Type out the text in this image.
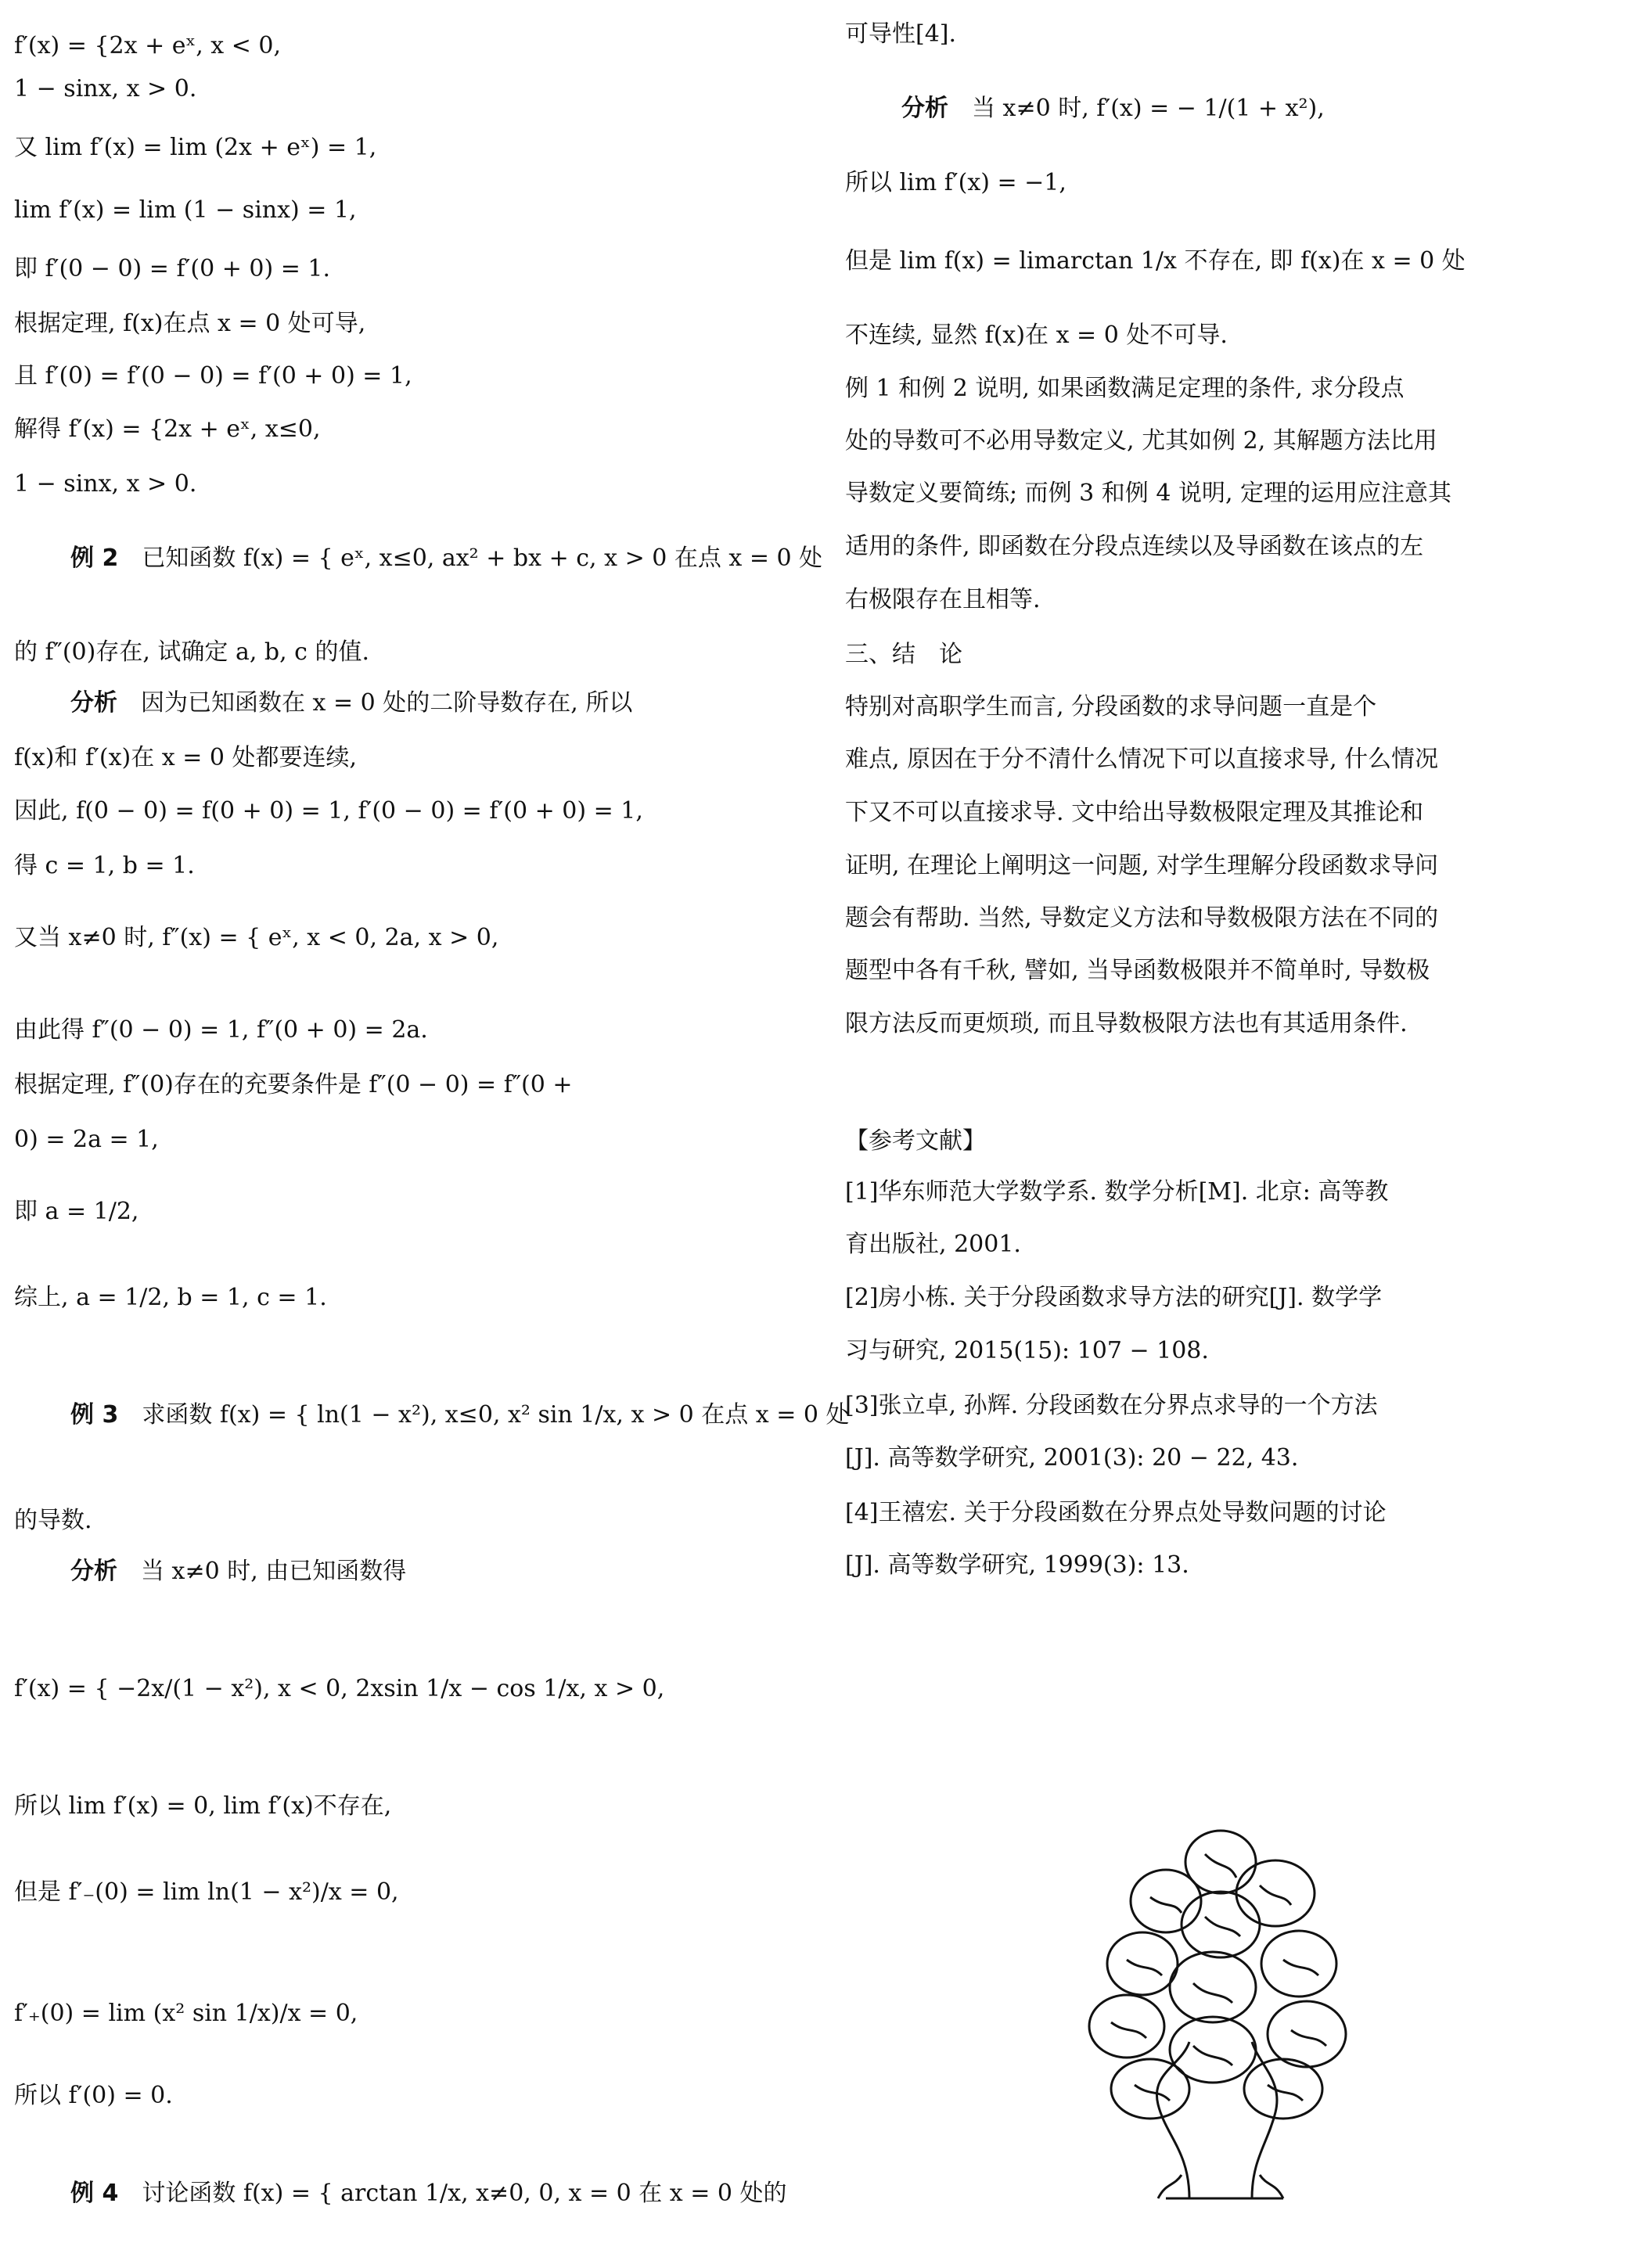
f′(x) = {2x + eˣ, x < 0,
1 − sinx, x > 0.
又 lim f′(x) = lim (2x + eˣ) = 1,
lim f′(x) = lim (1 − sinx) = 1,
即 f′(0 − 0) = f′(0 + 0) = 1.
根据定理, f(x)在点 x = 0 处可导,
且 f′(0) = f′(0 − 0) = f′(0 + 0) = 1,
解得 f′(x) = {2x + eˣ, x≤0,
1 − sinx, x > 0.
例 2　已知函数 f(x) = { eˣ, x≤0, ax² + bx + c, x > 0 在点 x = 0 处
的 f″(0)存在, 试确定 a, b, c 的值.
分析　因为已知函数在 x = 0 处的二阶导数存在, 所以
f(x)和 f′(x)在 x = 0 处都要连续,
因此, f(0 − 0) = f(0 + 0) = 1, f′(0 − 0) = f′(0 + 0) = 1,
得 c = 1, b = 1.
又当 x≠0 时, f″(x) = { eˣ, x < 0, 2a, x > 0,
由此得 f″(0 − 0) = 1, f″(0 + 0) = 2a.
根据定理, f″(0)存在的充要条件是 f″(0 − 0) = f″(0 +
0) = 2a = 1,
即 a = 1/2,
综上, a = 1/2, b = 1, c = 1.
例 3　求函数 f(x) = { ln(1 − x²), x≤0, x² sin 1/x, x > 0 在点 x = 0 处
的导数.
分析　当 x≠0 时, 由已知函数得
f′(x) = { −2x/(1 − x²), x < 0, 2xsin 1/x − cos 1/x, x > 0,
所以 lim f′(x) = 0, lim f′(x)不存在,
但是 f′₋(0) = lim ln(1 − x²)/x = 0,
f′₊(0) = lim (x² sin 1/x)/x = 0,
所以 f′(0) = 0.
例 4　讨论函数 f(x) = { arctan 1/x, x≠0, 0, x = 0 在 x = 0 处的
可导性[4].
分析　当 x≠0 时, f′(x) = − 1/(1 + x²),
所以 lim f′(x) = −1,
但是 lim f(x) = limarctan 1/x 不存在, 即 f(x)在 x = 0 处
不连续, 显然 f(x)在 x = 0 处不可导.
例 1 和例 2 说明, 如果函数满足定理的条件, 求分段点
处的导数可不必用导数定义, 尤其如例 2, 其解题方法比用
导数定义要简练; 而例 3 和例 4 说明, 定理的运用应注意其
适用的条件, 即函数在分段点连续以及导函数在该点的左
右极限存在且相等.
三、结　论
特别对高职学生而言, 分段函数的求导问题一直是个
难点, 原因在于分不清什么情况下可以直接求导, 什么情况
下又不可以直接求导. 文中给出导数极限定理及其推论和
证明, 在理论上阐明这一问题, 对学生理解分段函数求导问
题会有帮助. 当然, 导数定义方法和导数极限方法在不同的
题型中各有千秋, 譬如, 当导函数极限并不简单时, 导数极
限方法反而更烦琐, 而且导数极限方法也有其适用条件.
【参考文献】
[1]华东师范大学数学系. 数学分析[M]. 北京: 高等教
育出版社, 2001.
[2]房小栋. 关于分段函数求导方法的研究[J]. 数学学
习与研究, 2015(15): 107 − 108.
[3]张立卓, 孙辉. 分段函数在分界点求导的一个方法
[J]. 高等数学研究, 2001(3): 20 − 22, 43.
[4]王禧宏. 关于分段函数在分界点处导数问题的讨论
[J]. 高等数学研究, 1999(3): 13.
